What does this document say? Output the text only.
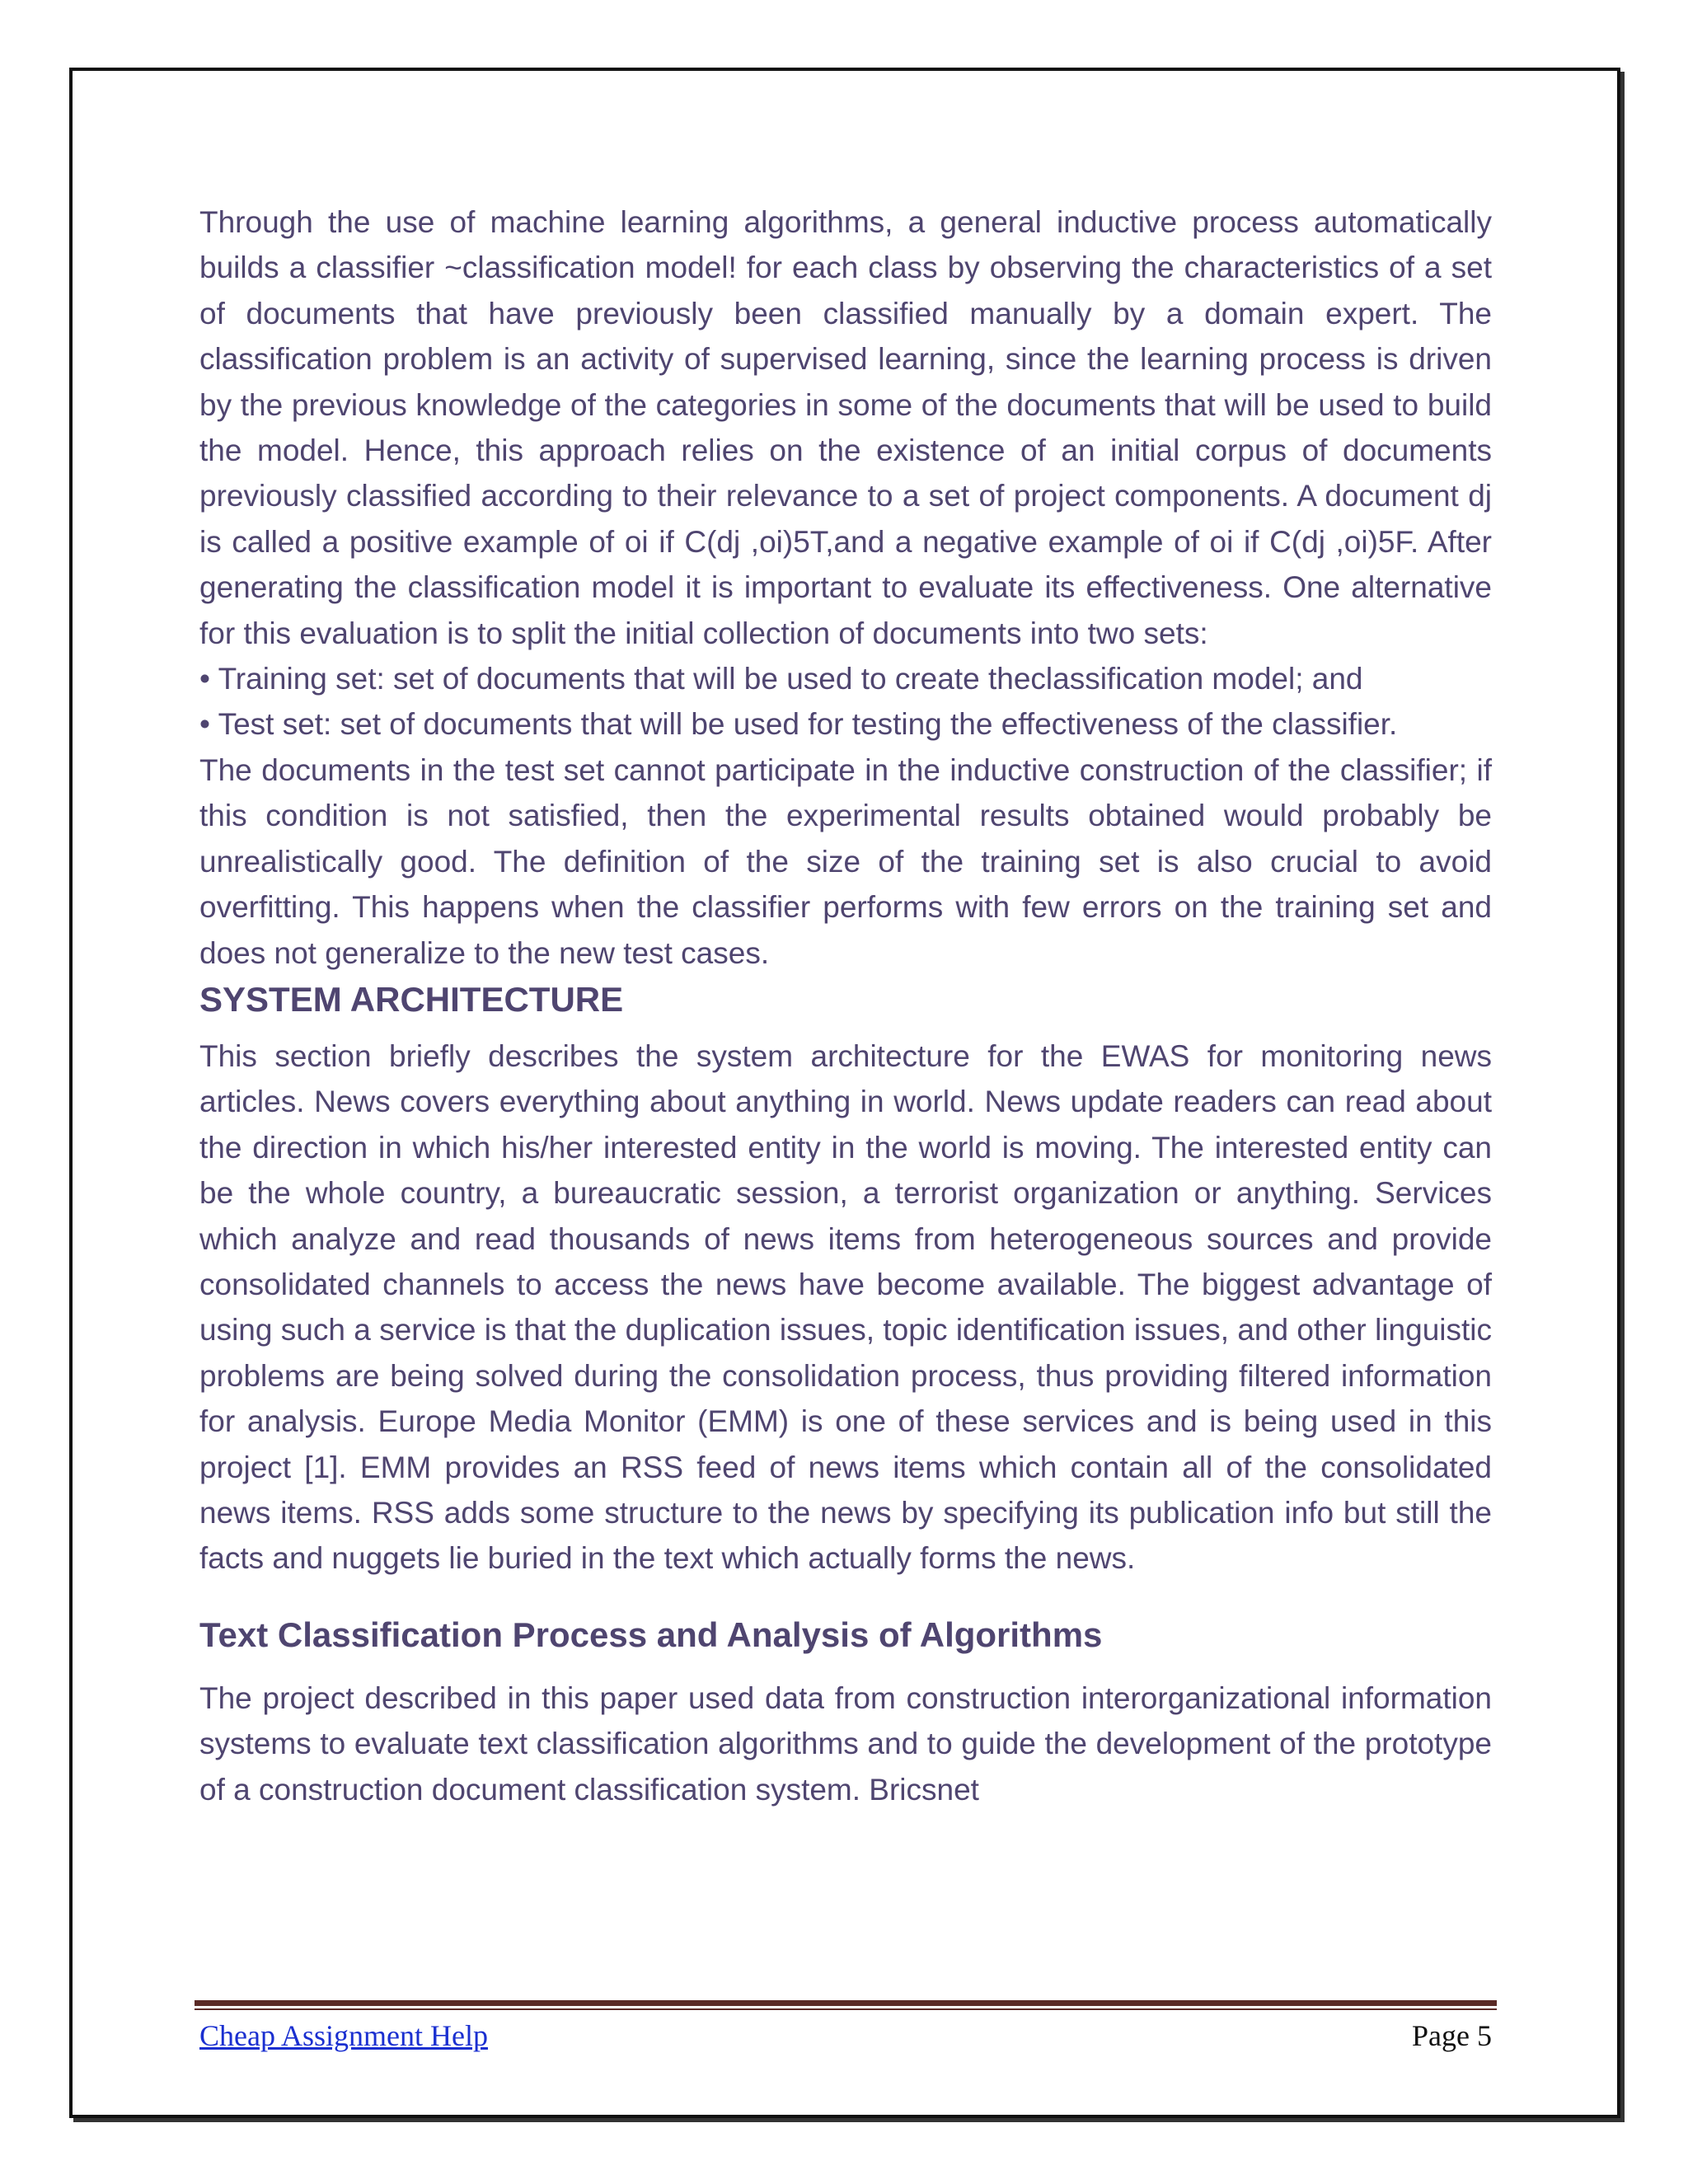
Through the use of machine learning algorithms, a general inductive process automatically builds a classifier ~classification model! for each class by observing the characteristics of a set of documents that have previously been classified manually by a domain expert. The classification problem is an activity of supervised learning, since the learning process is driven by the previous knowledge of the categories in some of the documents that will be used to build the model. Hence, this approach relies on the existence of an initial corpus of documents previously classified according to their relevance to a set of project components. A document dj is called a positive example of oi if C(dj ,oi)5T,and a negative example of oi if C(dj ,oi)5F. After generating the classification model it is important to evaluate its effectiveness. One alternative for this evaluation is to split the initial collection of documents into two sets:

• Training set: set of documents that will be used to create theclassification model; and

• Test set: set of documents that will be used for testing the effectiveness of the classifier.

The documents in the test set cannot participate in the inductive construction of the classifier; if this condition is not satisfied, then the experimental results obtained would probably be unrealistically good. The definition of the size of the training set is also crucial to avoid overfitting. This happens when the classifier performs with few errors on the training set and does not generalize to the new test cases.

SYSTEM ARCHITECTURE

This section briefly describes the system architecture for the EWAS for monitoring news articles. News covers everything about anything in world. News update readers can read about the direction in which his/her interested entity in the world is moving. The interested entity can be the whole country, a bureaucratic session, a terrorist organization or anything. Services which analyze and read thousands of news items from heterogeneous sources and provide consolidated channels to access the news have become available. The biggest advantage of using such a service is that the duplication issues, topic identification issues, and other linguistic problems are being solved during the consolidation process, thus providing filtered information for analysis. Europe Media Monitor (EMM) is one of these services and is being used in this project [1]. EMM provides an RSS feed of news items which contain all of the consolidated news items. RSS adds some structure to the news by specifying its publication info but still the facts and nuggets lie buried in the text which actually forms the news.

Text Classification Process and Analysis of Algorithms

The project described in this paper used data from construction interorganizational information systems to evaluate text classification algorithms and to guide the development of the prototype of a construction document classification system. Bricsnet

Cheap Assignment Help	Page 5
